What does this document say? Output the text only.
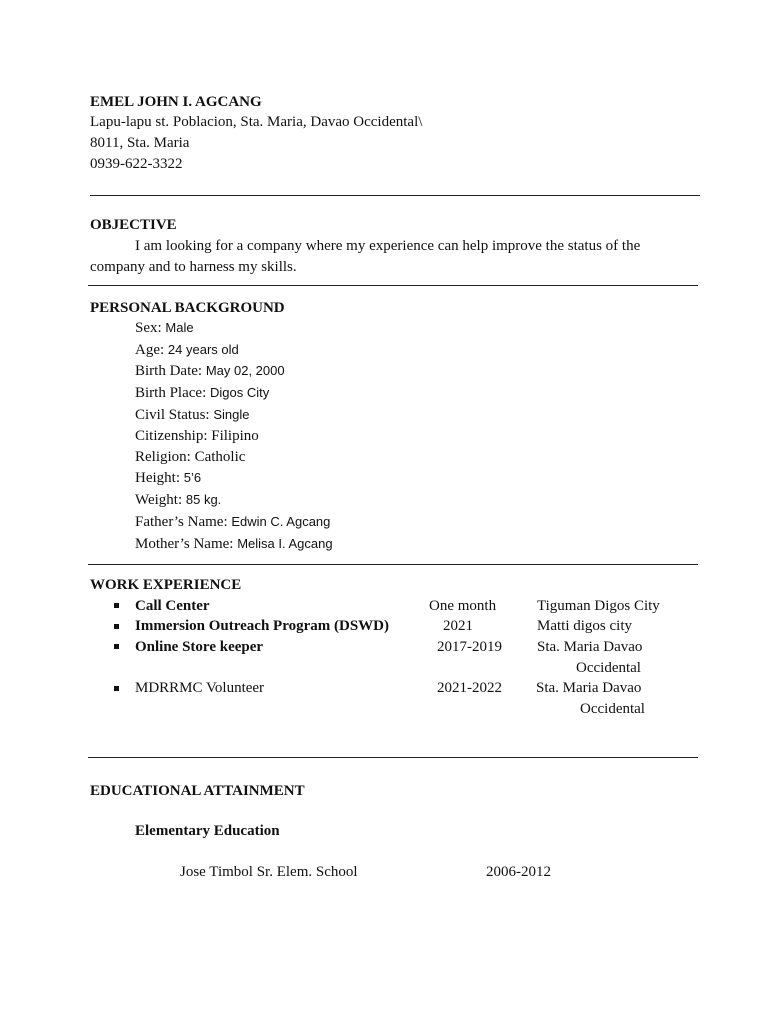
EMEL JOHN I. AGCANG
Lapu-lapu st. Poblacion, Sta. Maria, Davao Occidental\
8011, Sta. Maria
0939-622-3322
OBJECTIVE
I am looking for a company where my experience can help improve the status of the
company and to harness my skills.
PERSONAL BACKGROUND
Sex: Male
Age: 24 years old
Birth Date: May 02, 2000
Birth Place: Digos City
Civil Status: Single
Citizenship: Filipino
Religion: Catholic
Height: 5’6
Weight: 85 kg.
Father’s Name: Edwin C. Agcang
Mother’s Name: Melisa I. Agcang
WORK EXPERIENCE
Call Center	One month	Tiguman Digos City
Immersion Outreach Program (DSWD)	2021	Matti digos city
Online Store keeper	2017-2019 Sta. Maria Davao
Occidental
MDRRMC Volunteer	2021-2022 Sta. Maria Davao
Occidental
EDUCATIONAL ATTAINMENT
Elementary Education
Jose Timbol Sr. Elem. School	2006-2012
